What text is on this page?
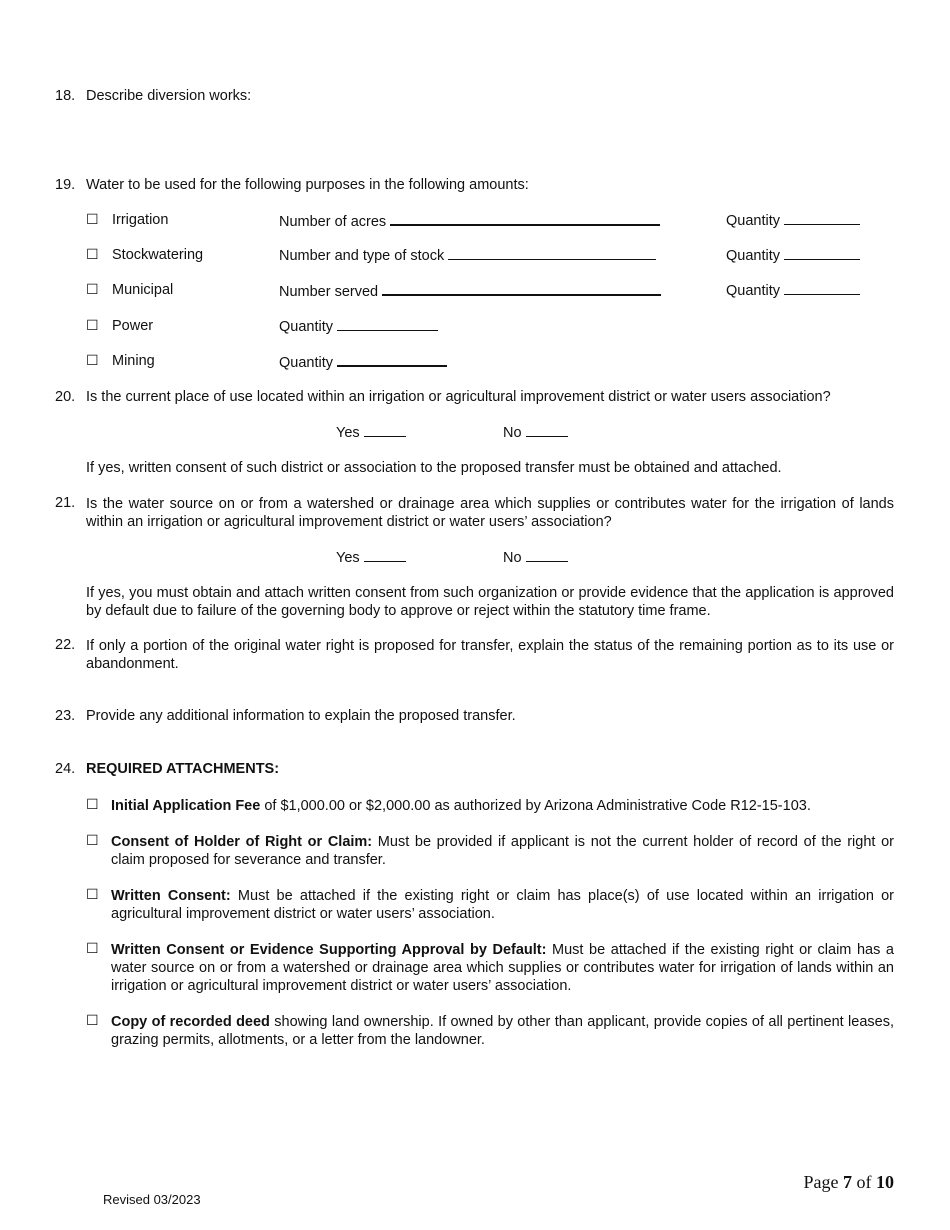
18. Describe diversion works:
19. Water to be used for the following purposes in the following amounts:
☐ Irrigation	Number of acres	Quantity
☐ Stockwatering	Number and type of stock	Quantity
☐ Municipal	Number served	Quantity
☐ Power	Quantity
☐ Mining	Quantity
20. Is the current place of use located within an irrigation or agricultural improvement district or water users association?
Yes	No
If yes, written consent of such district or association to the proposed transfer must be obtained and attached.
21. Is the water source on or from a watershed or drainage area which supplies or contributes water for the irrigation of lands within an irrigation or agricultural improvement district or water users’ association?
Yes	No
If yes, you must obtain and attach written consent from such organization or provide evidence that the application is approved by default due to failure of the governing body to approve or reject within the statutory time frame.
22. If only a portion of the original water right is proposed for transfer, explain the status of the remaining portion as to its use or abandonment.
23. Provide any additional information to explain the proposed transfer.
24. REQUIRED ATTACHMENTS:
☐ Initial Application Fee of $1,000.00 or $2,000.00 as authorized by Arizona Administrative Code R12-15-103.
☐ Consent of Holder of Right or Claim: Must be provided if applicant is not the current holder of record of the right or claim proposed for severance and transfer.
☐ Written Consent: Must be attached if the existing right or claim has place(s) of use located within an irrigation or agricultural improvement district or water users’ association.
☐ Written Consent or Evidence Supporting Approval by Default: Must be attached if the existing right or claim has a water source on or from a watershed or drainage area which supplies or contributes water for irrigation of lands within an irrigation or agricultural improvement district or water users’ association.
☐ Copy of recorded deed showing land ownership. If owned by other than applicant, provide copies of all pertinent leases, grazing permits, allotments, or a letter from the landowner.
Page 7 of 10
Revised 03/2023
